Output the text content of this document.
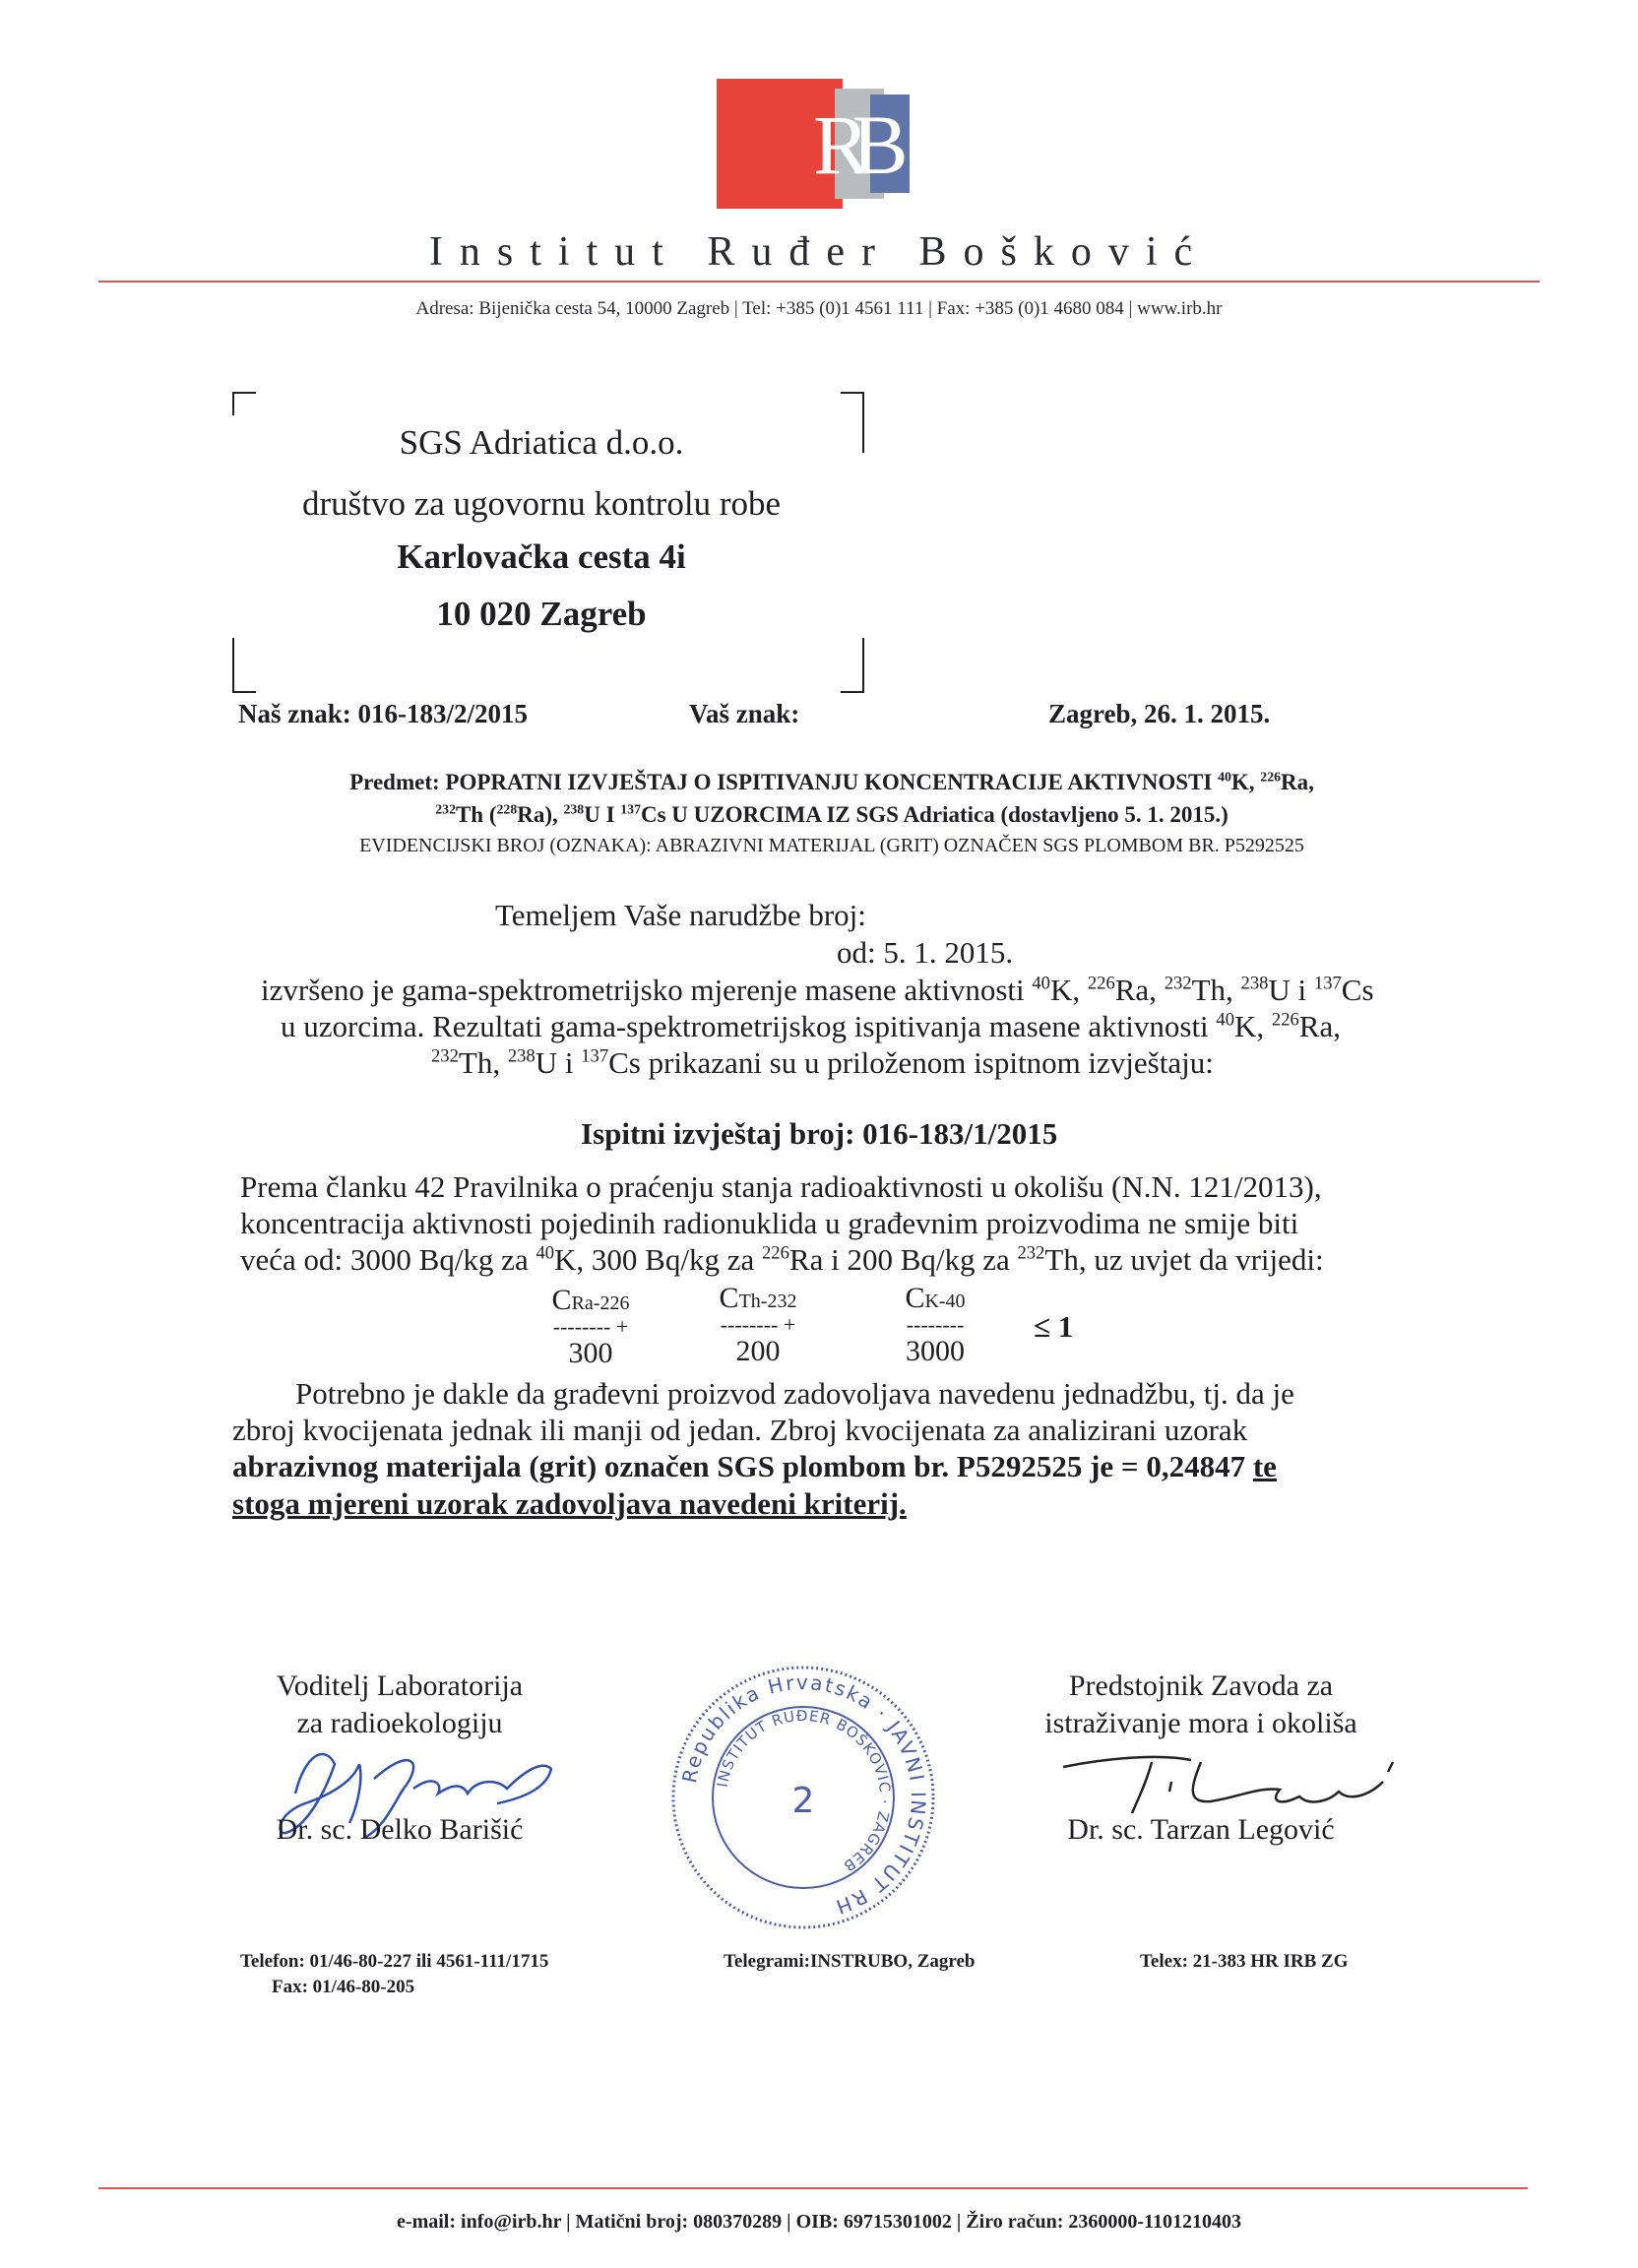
RB
Institut Ruđer Bošković
Adresa: Bijenička cesta 54, 10000 Zagreb | Tel: +385 (0)1 4561 111 | Fax: +385 (0)1 4680 084 | www.irb.hr
SGS Adriatica d.o.o.
društvo za ugovornu kontrolu robe
Karlovačka cesta 4i
10 020 Zagreb
Naš znak: 016-183/2/2015	Vaš znak:	Zagreb, 26. 1. 2015.
Predmet: POPRATNI IZVJEŠTAJ O ISPITIVANJU KONCENTRACIJE AKTIVNOSTI $^{40}$K, $^{226}$Ra,
$^{232}$Th ($^{228}$Ra), $^{238}$U I $^{137}$Cs U UZORCIMA IZ SGS Adriatica (dostavljeno 5. 1. 2015.)
EVIDENCIJSKI BROJ (OZNAKA): ABRAZIVNI MATERIJAL (GRIT) OZNAČEN SGS PLOMBOM BR. P5292525
Temeljem Vaše narudžbe broj:
od: 5. 1. 2015.
izvršeno je gama-spektrometrijsko mjerenje masene aktivnosti $^{40}$K, $^{226}$Ra, $^{232}$Th, $^{238}$U i $^{137}$Cs
u uzorcima. Rezultati gama-spektrometrijskog ispitivanja masene aktivnosti $^{40}$K, $^{226}$Ra,
$^{232}$Th, $^{238}$U i $^{137}$Cs prikazani su u priloženom ispitnom izvještaju:
Ispitni izvještaj broj: 016-183/1/2015
Prema članku 42 Pravilnika o praćenju stanja radioaktivnosti u okolišu (N.N. 121/2013),
koncentracija aktivnosti pojedinih radionuklida u građevnim proizvodima ne smije biti
veća od: 3000 Bq/kg za $^{40}$K, 300 Bq/kg za $^{226}$Ra i 200 Bq/kg za $^{232}$Th, uz uvjet da vrijedi:
CRa-226
-------- +
300
CTh-232
-------- +
200
CK-40
--------
3000
≤ 1
Potrebno je dakle da građevni proizvod zadovoljava navedenu jednadžbu, tj. da je
zbroj kvocijenata jednak ili manji od jedan. Zbroj kvocijenata za analizirani uzorak
abrazivnog materijala (grit) označen SGS plombom br. P5292525 je = 0,24847 te
stoga mjereni uzorak zadovoljava navedeni kriterij.
Voditelj Laboratorija
za radioekologiju
Dr. sc. Delko Barišić
Republika Hrvatska · JAVNI INSTITUT RH
INSTITUT RUĐER BOŠKOVIĆ · ZAGREB
2
Predstojnik Zavoda za
istraživanje mora i okoliša
Dr. sc. Tarzan Legović
Telefon: 01/46-80-227 ili 4561-111/1715
Fax: 01/46-80-205
Telegrami:INSTRUBO, Zagreb	Telex: 21-383 HR IRB ZG
e-mail: info@irb.hr | Matični broj: 080370289 | OIB: 69715301002 | Žiro račun: 2360000-1101210403
